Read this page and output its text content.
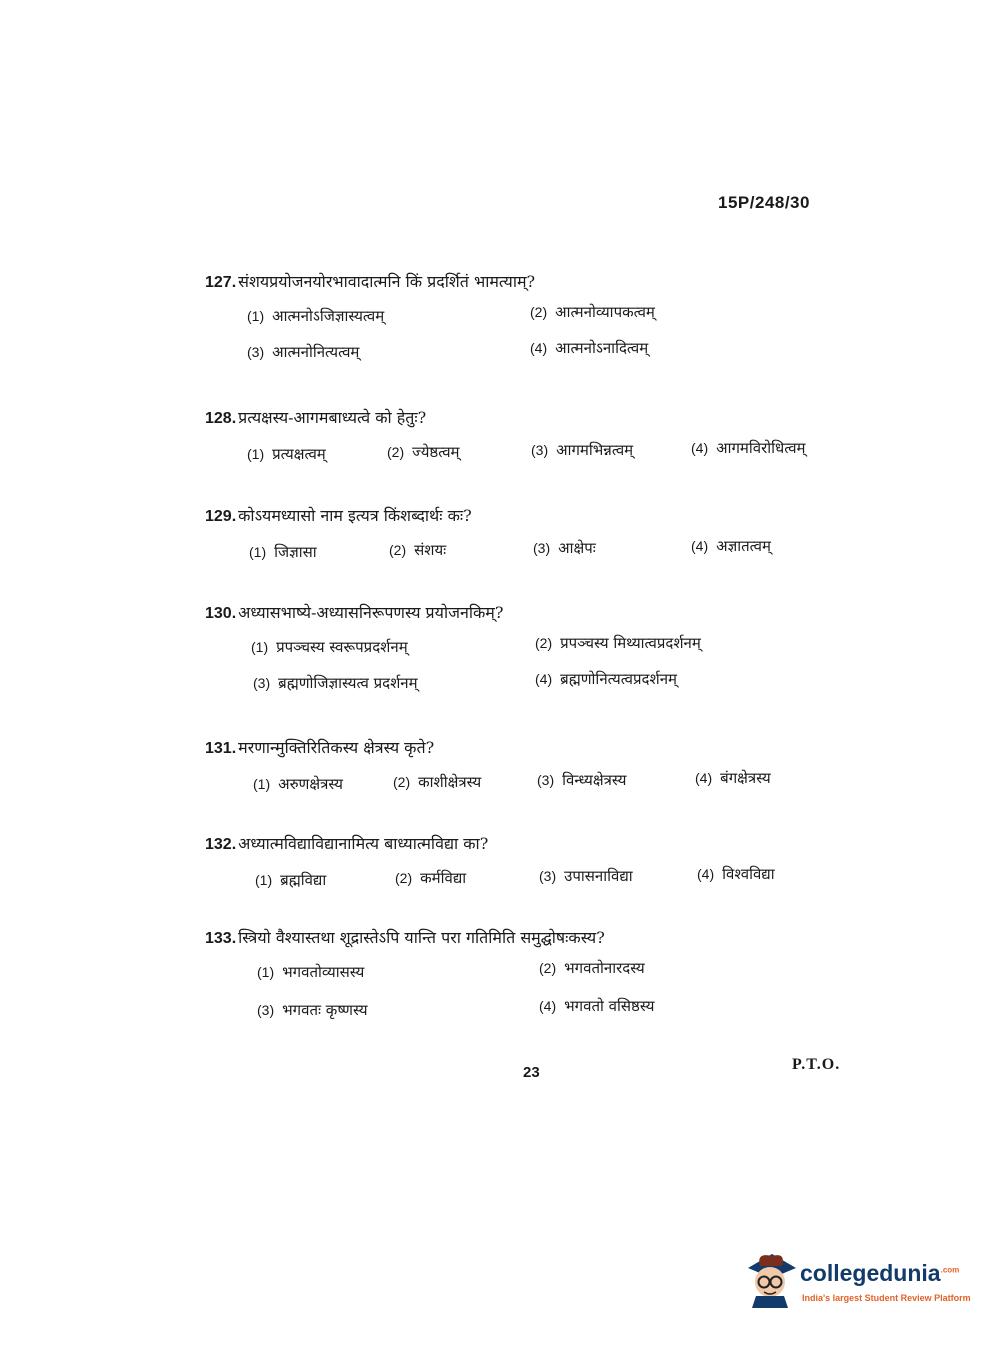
15P/248/30
127. संशयप्रयोजनयोरभावादात्मनि किं प्रदर्शितं भामत्याम्?
(1) आत्मनोऽजिज्ञास्यत्वम्	(2) आत्मनोव्यापकत्वम्
(3) आत्मनोनित्यत्वम्	(4) आत्मनोऽनादित्वम्
128. प्रत्यक्षस्य-आगमबाध्यत्वे को हेतुः?
(1) प्रत्यक्षत्वम्	(2) ज्येष्ठत्वम्	(3) आगमभिन्नत्वम्	(4) आगमविरोधित्वम्
129. कोऽयमध्यासो नाम इत्यत्र किंशब्दार्थः कः?
(1) जिज्ञासा	(2) संशयः	(3) आक्षेपः	(4) अज्ञातत्वम्
130. अध्यासभाष्ये-अध्यासनिरूपणस्य प्रयोजनकिम्?
(1) प्रपञ्चस्य स्वरूपप्रदर्शनम्	(2) प्रपञ्चस्य मिथ्यात्वप्रदर्शनम्
(3) ब्रह्मणोजिज्ञास्यत्व प्रदर्शनम्	(4) ब्रह्मणोनित्यत्वप्रदर्शनम्
131. मरणान्मुक्तिरितिकस्य क्षेत्रस्य कृते?
(1) अरुणक्षेत्रस्य	(2) काशीक्षेत्रस्य	(3) विन्ध्यक्षेत्रस्य	(4) बंगक्षेत्रस्य
132. अध्यात्मविद्याविद्यानामित्य बाध्यात्मविद्या का?
(1) ब्रह्मविद्या	(2) कर्मविद्या	(3) उपासनाविद्या	(4) विश्वविद्या
133. स्त्रियो वैश्यास्तथा शूद्रास्तेऽपि यान्ति परा गतिमिति समुद्घोषःकस्य?
(1) भगवतोव्यासस्य	(2) भगवतोनारदस्य
(3) भगवतः कृष्णस्य	(4) भगवतो वसिष्ठस्य
23	P.T.O.
collegedunia$^{.com}$
India's largest Student Review Platform
